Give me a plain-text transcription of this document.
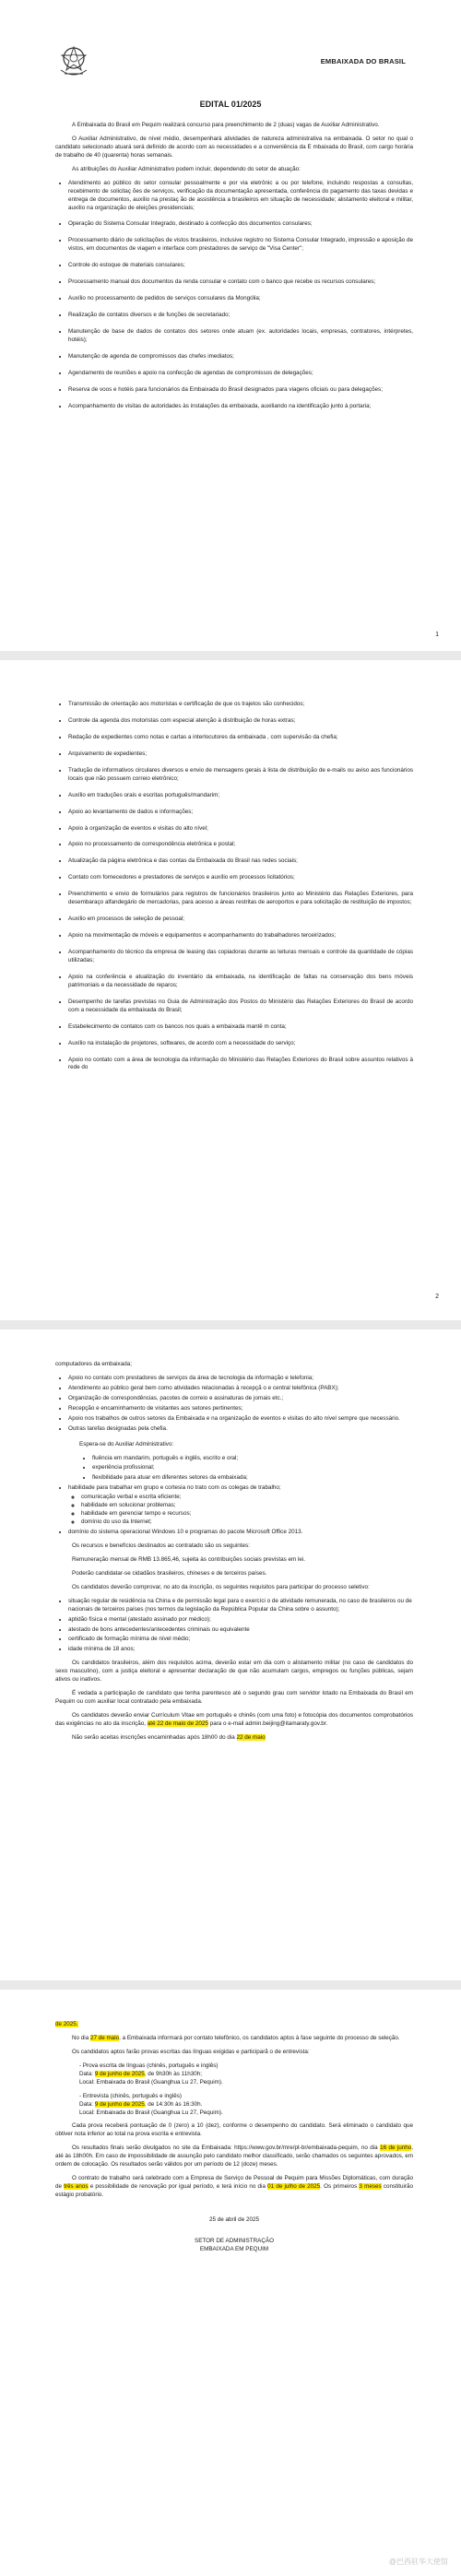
EMBAIXADA DO BRASIL
EDITAL 01/2025

A Embaixada do Brasil em Pequim realizará concurso para preenchimento de 2 (duas) vagas de Auxiliar Administrativo.

O Auxiliar Administrativo, de nível médio, desempenhará atividades de natureza administrativa na embaixada. O setor no qual o candidato selecionado atuará será definido de acordo com as necessidades e a conveniência da E mbaixada do Brasil, com cargo horária de trabalho de 40 (quarenta) horas semanais.

As atribuições do Auxiliar Administrativo podem incluir, dependendo do setor de atuação:

• Atendimento ao público do setor consular pessoalmente e por via eletrônic a ou por telefone, incluindo respostas a consultas, recebimento de solicitaç ões de serviços, verificação da documentação apresentada, conferência do pagamento das taxas devidas e entrega de documentos, auxílio na prestaç ão de assistência a brasileiros em situação de necessidade; alistamento eleitoral e militar, auxílio na organização de eleições presidenciais;
• Operação do Sistema Consular Integrado, destinado à confecção dos documentos consulares;
• Processamento diário de solicitações de vistos brasileiros, inclusive registro no Sistema Consular Integrado, impressão e aposição de vistos, em documentos de viagem e interface com prestadores de serviço de "Visa Center";
• Controle do estoque de materiais consulares;
• Processamento manual dos documentos da renda consular e contato com o banco que recebe os recursos consulares;
• Auxílio no processamento de pedidos de serviços consulares da Mongólia;
• Realização de contatos diversos e de funções de secretariado;
• Manutenção de base de dados de contatos dos setores onde atuam (ex. autoridades locais, empresas, contratores, intérpretes, hotéis);
• Manutenção de agenda de compromissos das chefes imediatos;
• Agendamento de reuniões e apoio na confecção de agendas de compromissos de delegações;
• Reserva de voos e hotéis para funcionários da Embaixada do Brasil designados para viagens oficiais ou para delegações;
• Acompanhamento de visitas de autoridades às instalações da embaixada, auxiliando na identificação junto à portaria;
1
• Transmissão de orientação aos motoristas e certificação de que os trajetos são conhecidos;
• Controle da agenda dos motoristas com especial atenção à distribuição de horas extras;
• Redação de expedientes como notas e cartas a interlocutores da embaixada , com supervisão da chefia;
• Arquivamento de expedientes;
• Tradução de informativos circulares diversos e envio de mensagens gerais à lista de distribuição de e-mails ou aviso aos funcionários locais que não possuem correio eletrônico;
• Auxílio em traduções orais e escritas português/mandarim;
• Apoio ao levantamento de dados e informações;
• Apoio à organização de eventos e visitas do alto nível;
• Apoio no processamento de correspondência eletrônica e postal;
• Atualização da página eletrônica e das contas da Embaixada do Brasil nas redes sociais;
• Contato com fornecedores e prestadores de serviços e auxílio em processos licitatórios;
• Preenchimento e envio de formulários para registros de funcionários brasileiros junto ao Ministério das Relações Exteriores, para desembaraço alfandegário de mercadorias, para acesso a áreas restritas de aeroportos e para solicitação de restituição de impostos;
• Auxílio em processos de seleção de pessoal;
• Apoio na movimentação de móveis e equipamentos e acompanhamento do trabalhadores terceirizados;
• Acompanhamento do técnico da empresa de leasing das copiadoras durante as leituras mensais e controle da quantidade de cópias utilizadas;
• Apoio na conferência e atualização do inventário da embaixada, na identificação de faltas na conservação dos bens móveis patrimoniais e da necessidade de reparos;
• Desempenho de tarefas previstas no Guia de Administração dos Postos do Ministério das Relações Exteriores do Brasil de acordo com a necessidade da embaixada do Brasil;
• Estabelecimento de contatos com os bancos nos quais a embaixada mantê m conta;
• Auxílio na instalação de projetores, softwares, de acordo com a necessidade do serviço;
• Apoio no contato com a área de tecnologia da informação do Ministério das Relações Exteriores do Brasil sobre assuntos relativos à rede do
2

computadores da embaixada;

• Apoio no contato com prestadores de serviços da área de tecnologia da informação e telefonia;
• Atendimento ao público geral bem como atividades relacionadas à recepçã o e central telefônica (PABX);
• Organização de correspondências, pacotes de correio e assinaturas de jornais etc.;
• Recepção e encaminhamento de visitantes aos setores pertinentes;
• Apoio nos trabalhos de outros setores da Embaixada e na organização de eventos e visitas do alto nível sempre que necessário.
• Outras tarefas designadas pela chefia.

Espera-se do Auxiliar Administrativo:

• fluência em mandarim, português e inglês, escrito e oral;
• experiência profissional;
• flexibilidade para atuar em diferentes setores da embaixada;
• habilidade para trabalhar em grupo e cortesia no trato com os colegas de trabalho;
◦ comunicação verbal e escrita eficiente;
◦ habilidade em solucionar problemas;
◦ habilidade em gerenciar tempo e recursos;
◦ domínio do uso da Internet;
• domínio do sistema operacional Windows 10 e programas do pacote Microsoft Office 2013.

Os recursos e benefícios destinados ao contratado são os seguintes:

Remuneração mensal de RMB 13.865,46, sujeita às contribuições sociais previstas em lei.

Poderão candidatar-se cidadãos brasileiros, chineses e de terceiros países.

Os candidatos deverão comprovar, no ato da inscrição, os seguintes requisitos para participar do processo seletivo:

• situação regular de residência na China e de permissão legal para o exercíci o de atividade remunerada, no caso de brasileiros ou de nacionais de terceiros países (nos termos da legislação da República Popular da China sobre o assunto);
• aptidão física e mental (atestado assinado por médico);
• atestado de bons antecedentes/antecedentes criminais ou equivalente
• certificado de formação mínima de nível médio;
• idade mínima de 18 anos;

Os candidatos brasileiros, além dos requisitos acima, deverão estar em dia com o alistamento militar (no caso de candidatos do sexo masculino), com a justiça eleitoral e apresentar declaração de que não acumulam cargos, empregos ou funções públicas, sejam ativos ou inativos.

É vedada a participação de candidato que tenha parentesco até o segundo grau com servidor lotado na Embaixada do Brasil em Pequim ou com auxiliar local contratado pela embaixada.

Os candidatos deverão enviar Currículum Vitae em português e chinês (com uma foto) e fotocópia dos documentos comprobatórios das exigências no ato da inscrição, até 22 de maio de 2025 para o e-mail admin.beijing@itamaraty.gov.br.

Não serão aceitas inscrições encaminhadas após 18h00 do dia 22 de maio

de 2025.

No dia 27 de maio, a Embaixada informará por contato telefônico, os candidatos aptos à fase seguinte do processo de seleção.

Os candidatos aptos farão provas escritas das línguas exigidas e participarã o de entrevista:

- Prova escrita de línguas (chinês, português e inglês)
Data: 9 de junho de 2025, de 9h30h às 11h30h;
Local: Embaixada do Brasil (Guanghua Lu 27, Pequim).
- Entrevista (chinês, português e inglês)
Data: 9 de junho de 2025, de 14:30h às 16:30h.
Local: Embaixada do Brasil (Guanghua Lu 27, Pequim).

Cada prova receberá pontuação de 0 (zero) a 10 (dez), conforme o desempenho do candidato. Será eliminado o candidato que obtiver nota inferior ao total na prova escrita e entrevista.

Os resultados finais serão divulgados no site da Embaixada: https://www.gov.br/mre/pt-br/embaixada-pequim, no dia 16 de junho, até às 18h00h. Em caso de impossibilidade de assunção pelo candidato melhor classificado, serão chamados os seguintes aprovados, em ordem de colocação. Os resultados serão válidos por um período de 12 (doze) meses.

O contrato de trabalho será celebrado com a Empresa de Serviço de Pessoal de Pequim para Missões Diplomáticas, com duração de três anos e possibilidade de renovação por igual período, e terá início no dia 01 de julho de 2025. Os primeiros 3 meses constituirão estágio probatório.

25 de abril de 2025

SETOR DE ADMINISTRAÇÃO
EMBAIXADA EM PEQUIM
@巴西驻华大使馆
